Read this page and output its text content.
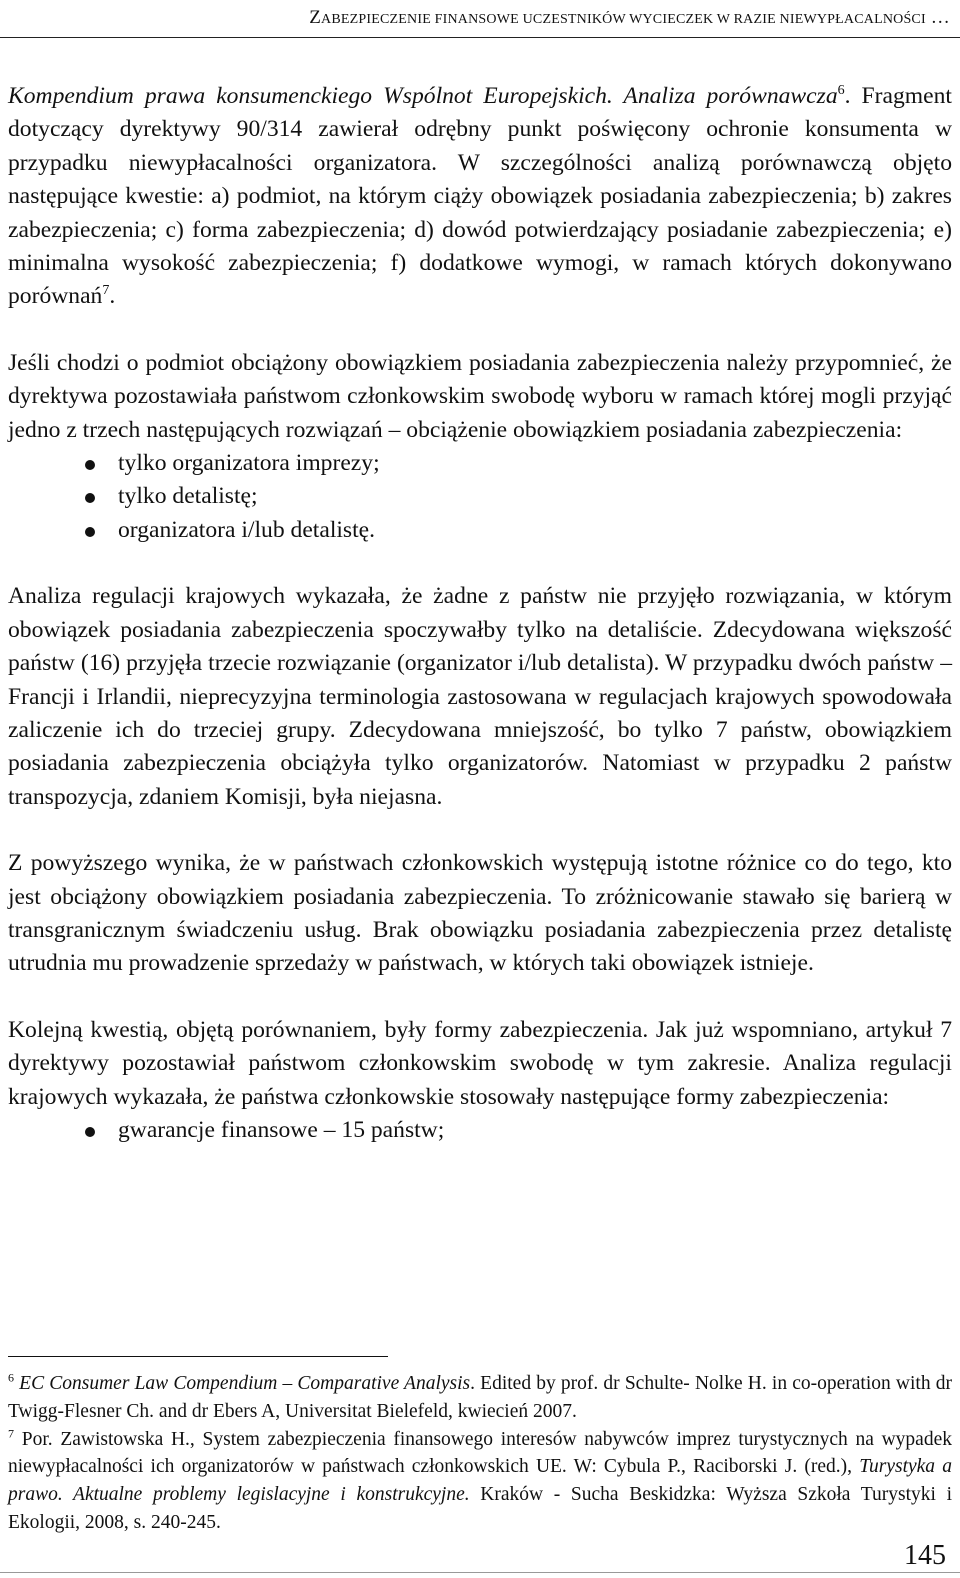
ZABEZPIECZENIE FINANSOWE UCZESTNIKÓW WYCIECZEK W RAZIE NIEWYPŁACALNOŚCI …

Kompendium prawa konsumenckiego Wspólnot Europejskich. Analiza porównawcza$^6$. Fragment dotyczący dyrektywy 90/314 zawierał odrębny punkt poświęcony ochronie konsumenta w przypadku niewypłacalności organizatora. W szczególności analizą porównawczą objęto następujące kwestie: a) podmiot, na którym ciąży obowiązek posiadania zabezpieczenia; b) zakres zabezpieczenia; c) forma zabezpieczenia; d) dowód potwierdzający posiadanie zabezpieczenia; e) minimalna wysokość zabezpieczenia; f) dodatkowe wymogi, w ramach których dokonywano porównań$^7$.

Jeśli chodzi o podmiot obciążony obowiązkiem posiadania zabezpieczenia należy przypomnieć, że dyrektywa pozostawiała państwom członkowskim swobodę wyboru w ramach której mogli przyjąć jedno z trzech następujących rozwiązań – obciążenie obowiązkiem posiadania zabezpieczenia:

tylko organizatora imprezy;
tylko detalistę;
organizatora i/lub detalistę.

Analiza regulacji krajowych wykazała, że żadne z państw nie przyjęło rozwiązania, w którym obowiązek posiadania zabezpieczenia spoczywałby tylko na detaliście. Zdecydowana większość państw (16) przyjęła trzecie rozwiązanie (organizator i/lub detalista). W przypadku dwóch państw – Francji i Irlandii, nieprecyzyjna terminologia zastosowana w regulacjach krajowych spowodowała zaliczenie ich do trzeciej grupy. Zdecydowana mniejszość, bo tylko 7 państw, obowiązkiem posiadania zabezpieczenia obciążyła tylko organizatorów. Natomiast w przypadku 2 państw transpozycja, zdaniem Komisji, była niejasna.

Z powyższego wynika, że w państwach członkowskich występują istotne różnice co do tego, kto jest obciążony obowiązkiem posiadania zabezpieczenia. To zróżnicowanie stawało się barierą w transgranicznym świadczeniu usług. Brak obowiązku posiadania zabezpieczenia przez detalistę utrudnia mu prowadzenie sprzedaży w państwach, w których taki obowiązek istnieje.

Kolejną kwestią, objętą porównaniem, były formy zabezpieczenia. Jak już wspomniano, artykuł 7 dyrektywy pozostawiał państwom członkowskim swobodę w tym zakresie. Analiza regulacji krajowych wykazała, że państwa członkowskie stosowały następujące formy zabezpieczenia:

gwarancje finansowe – 15 państw;

$^6$ EC Consumer Law Compendium – Comparative Analysis. Edited by prof. dr Schulte- Nolke H. in co-operation with dr Twigg-Flesner Ch. and dr Ebers A, Universitat Bielefeld, kwiecień 2007.

$^7$ Por. Zawistowska H., System zabezpieczenia finansowego interesów nabywców imprez turystycznych na wypadek niewypłacalności ich organizatorów w państwach członkowskich UE. W: Cybula P., Raciborski J. (red.), Turystyka a prawo. Aktualne problemy legislacyjne i konstrukcyjne. Kraków - Sucha Beskidzka: Wyższa Szkoła Turystyki i Ekologii, 2008, s. 240-245.

145
